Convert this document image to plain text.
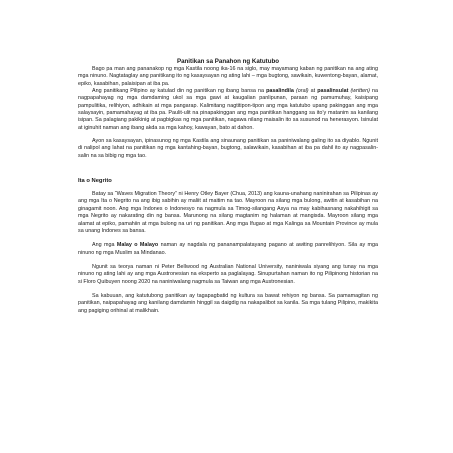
Panitikan sa Panahon ng Katutubo

Bago pa man ang pananakop ng mga Kastila noong ika-16 na siglo, may mayamang kaban ng panitikan na ang ating mga ninuno. Nagtataglay ang panitikang ito ng kasaysayan ng ating lahi – mga bugtong, sawikain, kuwentong-bayan, alamat, epiko, kasabihan, palaisipan at iba pa.

Ang panitikang Pilipino ay katulad din ng panitikan ng ibang bansa na pasalindila (oral) at pasalinsulat (written) na nagpapahayag ng mga damdaming ukol sa mga gawi at kaugalian panlipunan, paraan ng pamumuhay, kaisipang pampulitika, relihiyon, adhikain at mga pangarap. Kalimitang nagtitipon-tipon ang mga katutubo upang pakinggan ang mga salaysayin, pamamahayag at iba pa. Paulit-ulit na pinapakinggan ang mga panitikan hanggang sa ito’y matanim sa kanilang isipan. Sa palagiang pakikinig at pagbigkas ng mga panitikan, nagawa nilang maisalin ito sa susunod na henerasyon. Isinulat at iginuhit naman ang ibang akda sa mga kahoy, kawayan, bato at dahon.

Ayon sa kasaysayan, ipinasunog ng mga Kastila ang sinaunang panitikan sa paniniwalang galing ito sa diyablo. Ngunit di nalipol ang lahat na panitikan ng mga kantahing-bayan, bugtong, salawikain, kasabihan at iba pa dahil ito ay nagpasalin-salin na sa bibig ng mga tao.

Ita o Negrito

Batay sa “Waves Migration Theory” ni Henry Otley Bayer (Chua, 2013) ang kauna-unahang naninirahan sa Pilipinas ay ang mga Ita o Negrito na ang ibig sabihin ay maliit at maitim na tao. Mayroon na silang mga bulong, awitin at kasabihan na ginagamit noon. Ang mga Indones o Indonesyo na nagmula sa Timog-silangang Asya na may kabihasnang nakahihigit sa mga Negrito ay nakarating din ng bansa. Marunong na silang magtanim ng halaman at mangisda. Mayroon silang mga alamat at epiko, pamahiin at mga bulong na uri ng panitikan. Ang mga Ifugao at mga Kalinga sa Mountain Province ay mula sa unang Indones sa bansa.

Ang mga Malay o Malayo naman ay nagdala ng pananampalatayang pagano at awiting panrelihiyon. Sila ay mga ninuno ng mga Muslim sa Mindanao.

Ngunit sa teorya naman ni Peter Bellwood ng Australian National University, naniniwala siyang ang tunay na mga ninuno ng ating lahi ay ang mga Austronesian na eksperto sa paglalayag. Sinupurtahan naman ito ng Pilipinong historian na si Floro Quibuyen noong 2020 na naniniwalang nagmula sa Taiwan ang mga Austronesian.

Sa kabuuan, ang katutubong panitikan ay tagapagbatid ng kultura sa bawat rehiyon ng bansa. Sa pamamagitan ng panitikan, naipapahayag ang kanilang damdamin hinggil sa daigdig na nakapalibot sa kanila. Sa mga tulang Pilipino, makikita ang pagiging orihinal at malikhain.
